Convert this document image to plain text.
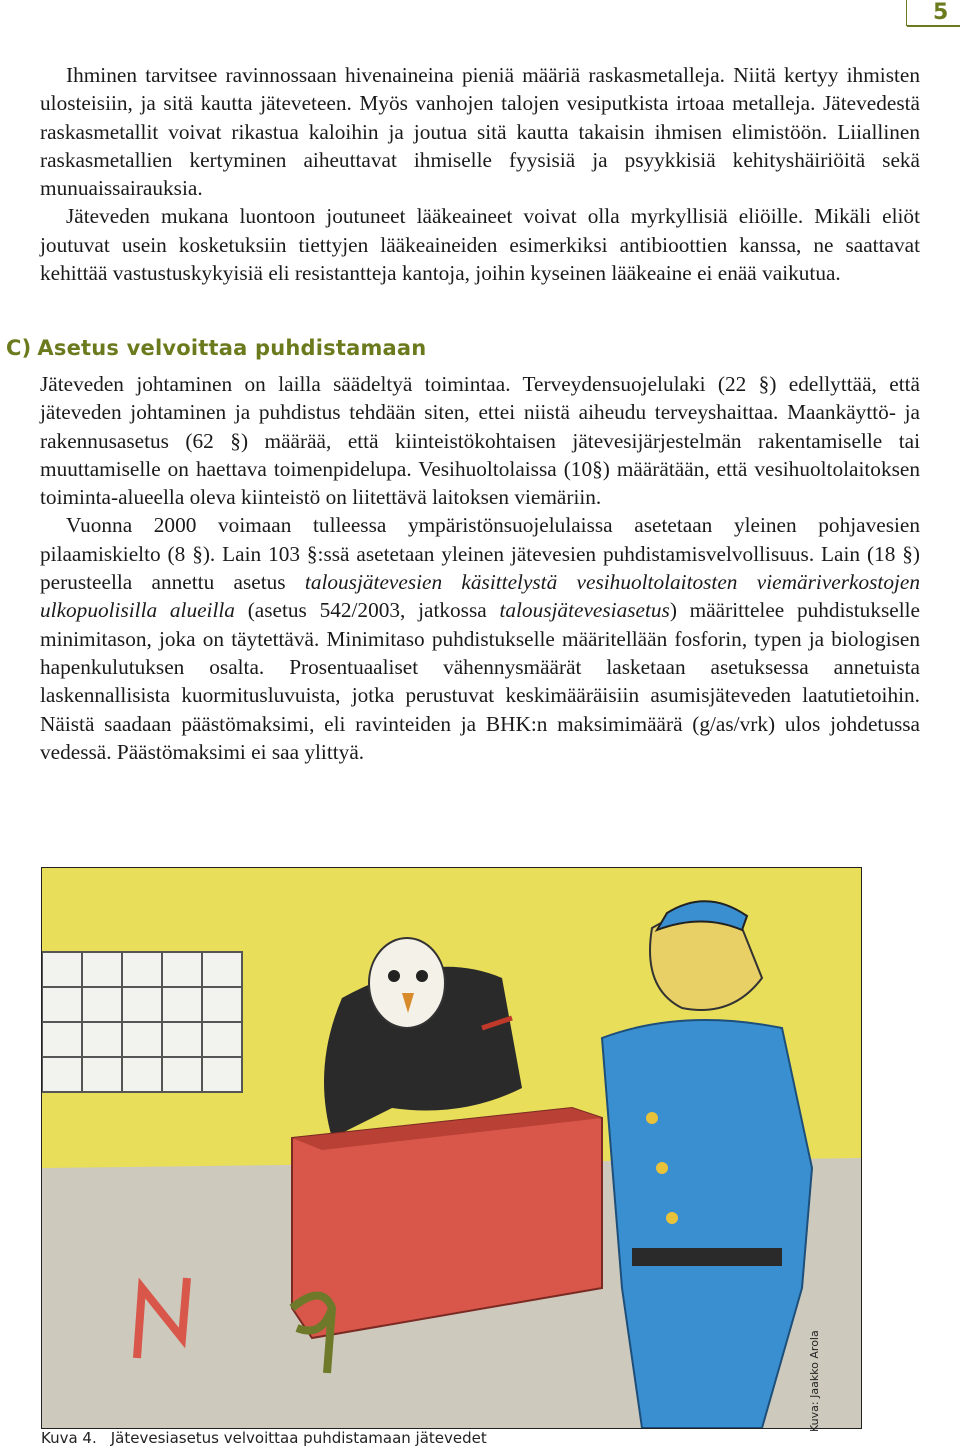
5

Ihminen tarvitsee ravinnossaan hivenaineina pieniä määriä raskasmetalleja. Niitä kertyy ihmisten ulosteisiin, ja sitä kautta jäteveteen. Myös vanhojen talojen vesiputkista irtoaa metalleja. Jätevedestä raskasmetallit voivat rikastua kaloihin ja joutua sitä kautta takaisin ihmisen elimistöön. Liiallinen raskasmetallien kertyminen aiheuttavat ihmiselle fyysisiä ja psyykkisiä kehityshäiriöitä sekä munuaissairauksia.

Jäteveden mukana luontoon joutuneet lääkeaineet voivat olla myrkyllisiä eliöille. Mikäli eliöt joutuvat usein kosketuksiin tiettyjen lääkeaineiden esimerkiksi antibioottien kanssa, ne saattavat kehittää vastustuskykyisiä eli resistantteja kantoja, joihin kyseinen lääkeaine ei enää vaikutua.

C) Asetus velvoittaa puhdistamaan

Jäteveden johtaminen on lailla säädeltyä toimintaa. Terveydensuojelulaki (22 §) edellyttää, että jäteveden johtaminen ja puhdistus tehdään siten, ettei niistä aiheudu terveyshaittaa. Maankäyttö- ja rakennusasetus (62 §) määrää, että kiinteistökohtaisen jätevesijärjestelmän rakentamiselle tai muuttamiselle on haettava toimenpidelupa. Vesihuoltolaissa (10§) määrätään, että vesihuoltolaitoksen toiminta-alueella oleva kiinteistö on liitettävä laitoksen viemäriin.

Vuonna 2000 voimaan tulleessa ympäristönsuojelulaissa asetetaan yleinen pohjavesien pilaamiskielto (8 §). Lain 103 §:ssä asetetaan yleinen jätevesien puhdistamisvelvollisuus. Lain (18 §) perusteella annettu asetus talousjätevesien käsittelystä vesihuoltolaitosten viemäriverkostojen ulkopuolisilla alueilla (asetus 542/2003, jatkossa talousjätevesiasetus) määrittelee puhdistukselle minimitason, joka on täytettävä. Minimitaso puhdistukselle määritellään fosforin, typen ja biologisen hapenkulutuksen osalta. Prosentuaaliset vähennysmäärät lasketaan asetuksessa annetuista laskennallisista kuormitusluvuista, jotka perustuvat keskimääräisiin asumisjäteveden laatutietoihin. Näistä saadaan päästömaksimi, eli ravinteiden ja BHK:n maksimimäärä (g/as/vrk) ulos johdetussa vedessä. Päästömaksimi ei saa ylittyä.

Kuva: Jaakko Arola

Kuva 4. Jätevesiasetus velvoittaa puhdistamaan jätevedet
